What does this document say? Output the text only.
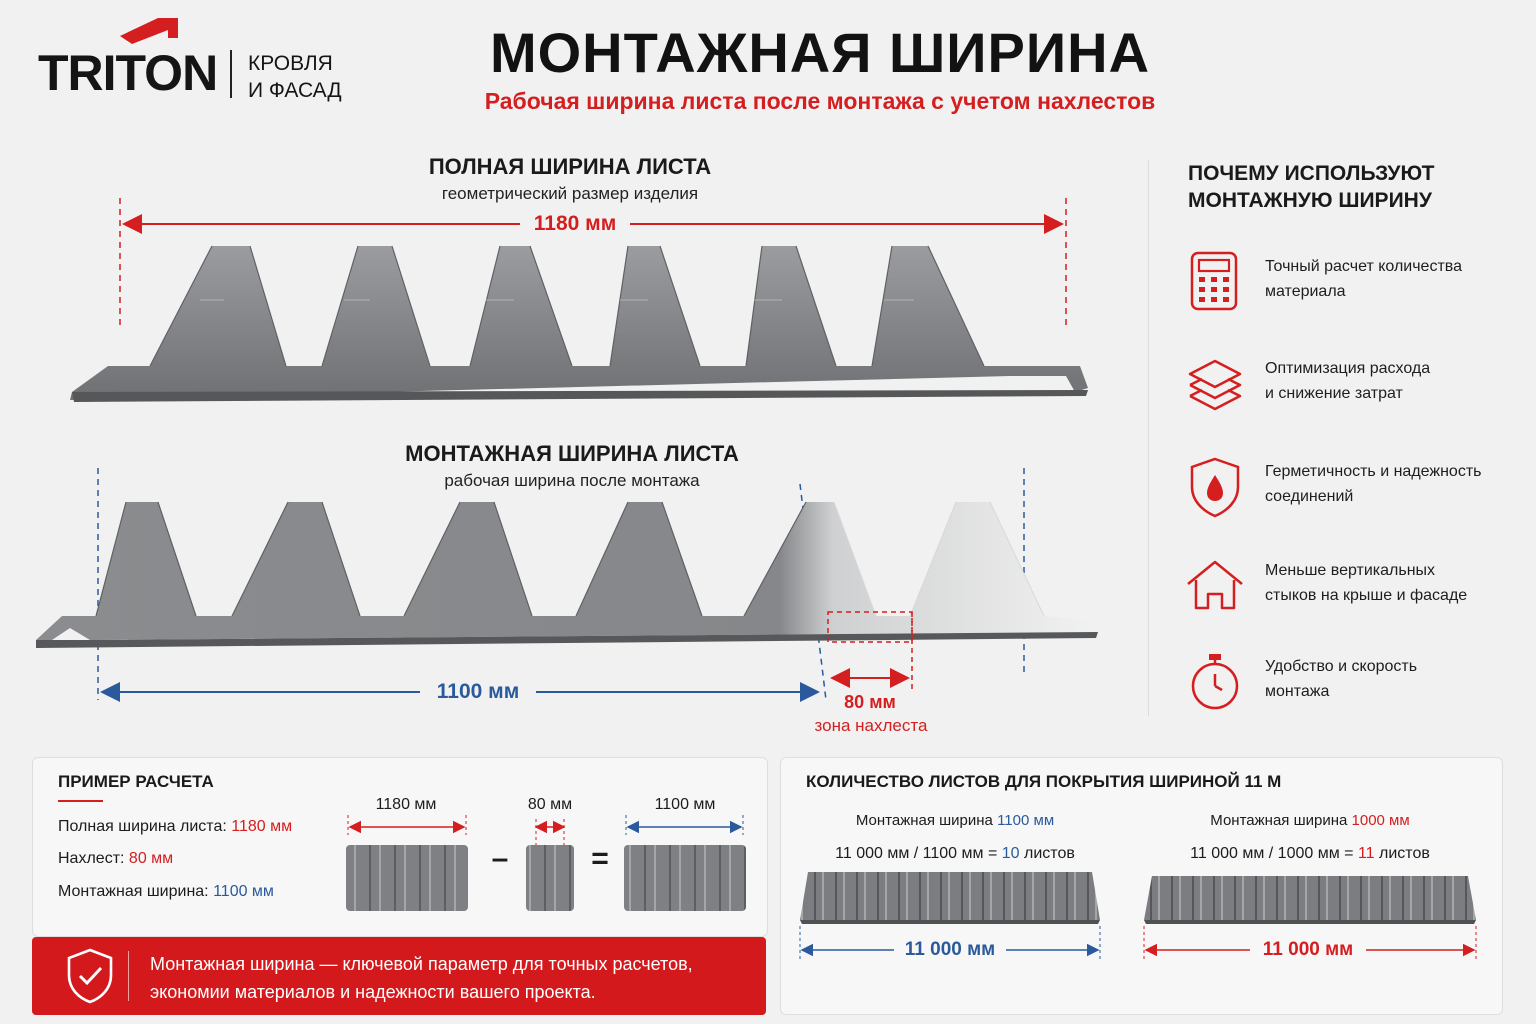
TRITON КРОВЛЯ
И ФАСАД
МОНТАЖНАЯ ШИРИНА
Рабочая ширина листа после монтажа с учетом нахлестов
ПОЛНАЯ ШИРИНА ЛИСТА
геометрический размер изделия
1180 мм
МОНТАЖНАЯ ШИРИНА ЛИСТА
рабочая ширина после монтажа
1100 мм	80 мм
зона нахлеста
ПОЧЕМУ ИСПОЛЬЗУЮТ
МОНТАЖНУЮ ШИРИНУ
Точный расчет количества
материала
Оптимизация расхода
и снижение затрат
Герметичность и надежность
соединений
Меньше вертикальных
стыков на крыше и фасаде
Удобство и скорость
монтажа
ПРИМЕР РАСЧЕТА
Полная ширина листа: 1180 мм
Нахлест: 80 мм
Монтажная ширина: 1100 мм
1180 мм	80 мм	1100 мм
–	=
Монтажная ширина — ключевой параметр для точных расчетов,
экономии материалов и надежности вашего проекта.
КОЛИЧЕСТВО ЛИСТОВ ДЛЯ ПОКРЫТИЯ ШИРИНОЙ 11 М
Монтажная ширина 1100 мм
11 000 мм / 1100 мм = 10 листов
Монтажная ширина 1000 мм
11 000 мм / 1000 мм = 11 листов
11 000 мм	11 000 мм
